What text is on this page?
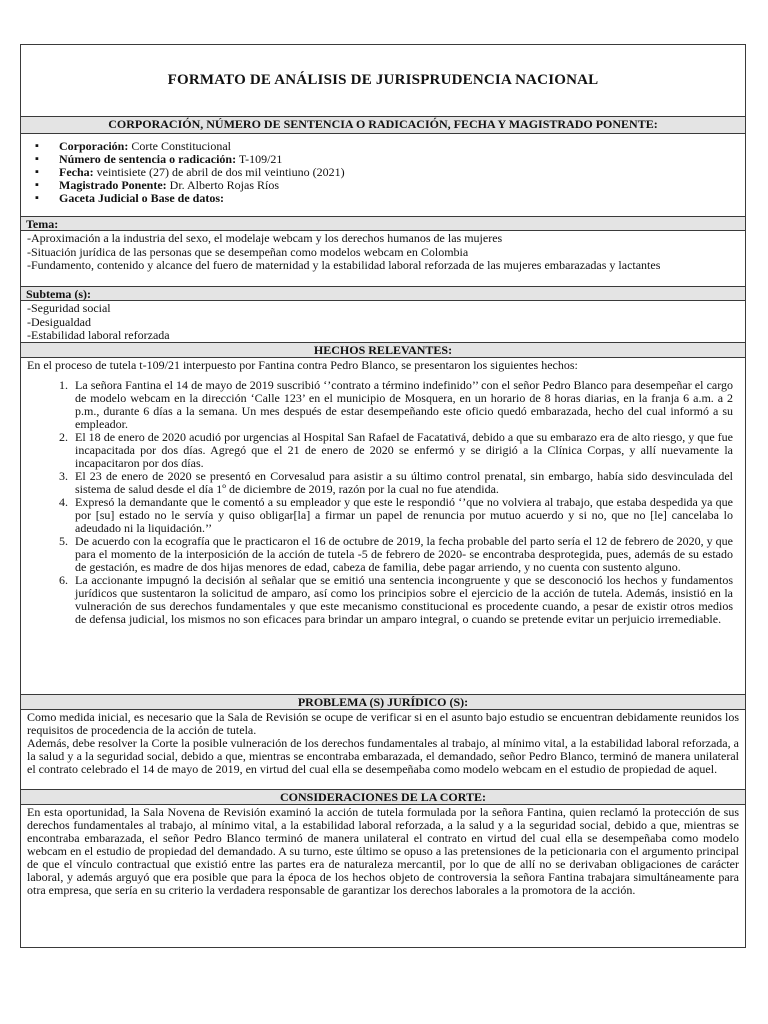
FORMATO DE ANÁLISIS DE JURISPRUDENCIA NACIONAL
CORPORACIÓN, NÚMERO DE SENTENCIA O RADICACIÓN, FECHA Y MAGISTRADO PONENTE:
▪ Corporación: Corte Constitucional
▪ Número de sentencia o radicación: T-109/21
▪ Fecha: veintisiete (27) de abril de dos mil veintiuno (2021)
▪ Magistrado Ponente: Dr. Alberto Rojas Ríos
▪ Gaceta Judicial o Base de datos:
Tema:
-Aproximación a la industria del sexo, el modelaje webcam y los derechos humanos de las mujeres
-Situación jurídica de las personas que se desempeñan como modelos webcam en Colombia
-Fundamento, contenido y alcance del fuero de maternidad y la estabilidad laboral reforzada de las mujeres embarazadas y lactantes
Subtema (s):
-Seguridad social
-Desigualdad
-Estabilidad laboral reforzada
HECHOS RELEVANTES:

En el proceso de tutela t-109/21 interpuesto por Fantina contra Pedro Blanco, se presentaron los siguientes hechos:

1. La señora Fantina el 14 de mayo de 2019 suscribió ‘’contrato a término indefinido’’ con el señor Pedro Blanco para desempeñar el cargo de modelo webcam en la dirección ‘Calle 123’ en el municipio de Mosquera, en un horario de 8 horas diarias, en la franja 6 a.m. a 2 p.m., durante 6 días a la semana. Un mes después de estar desempeñando este oficio quedó embarazada, hecho del cual informó a su empleador.
2. El 18 de enero de 2020 acudió por urgencias al Hospital San Rafael de Facatativá, debido a que su embarazo era de alto riesgo, y que fue incapacitada por dos días. Agregó que el 21 de enero de 2020 se enfermó y se dirigió a la Clínica Corpas, y allí nuevamente la incapacitaron por dos días.
3. El 23 de enero de 2020 se presentó en Corvesalud para asistir a su último control prenatal, sin embargo, había sido desvinculada del sistema de salud desde el día 1º de diciembre de 2019, razón por la cual no fue atendida.
4. Expresó la demandante que le comentó a su empleador y que este le respondió ‘’que no volviera al trabajo, que estaba despedida ya que por [su] estado no le servía y quiso obligar[la] a firmar un papel de renuncia por mutuo acuerdo y si no, que no [le] cancelaba lo adeudado ni la liquidación.’’
5. De acuerdo con la ecografía que le practicaron el 16 de octubre de 2019, la fecha probable del parto sería el 12 de febrero de 2020, y que para el momento de la interposición de la acción de tutela -5 de febrero de 2020- se encontraba desprotegida, pues, además de su estado de gestación, es madre de dos hijas menores de edad, cabeza de familia, debe pagar arriendo, y no cuenta con sustento alguno.
6. La accionante impugnó la decisión al señalar que se emitió una sentencia incongruente y que se desconoció los hechos y fundamentos jurídicos que sustentaron la solicitud de amparo, así como los principios sobre el ejercicio de la acción de tutela. Además, insistió en la vulneración de sus derechos fundamentales y que este mecanismo constitucional es procedente cuando, a pesar de existir otros medios de defensa judicial, los mismos no son eficaces para brindar un amparo integral, o cuando se pretende evitar un perjuicio irremediable.
PROBLEMA (S) JURÍDICO (S):

Como medida inicial, es necesario que la Sala de Revisión se ocupe de verificar si en el asunto bajo estudio se encuentran debidamente reunidos los requisitos de procedencia de la acción de tutela.

Además, debe resolver la Corte la posible vulneración de los derechos fundamentales al trabajo, al mínimo vital, a la estabilidad laboral reforzada, a la salud y a la seguridad social, debido a que, mientras se encontraba embarazada, el demandado, señor Pedro Blanco, terminó de manera unilateral el contrato celebrado el 14 de mayo de 2019, en virtud del cual ella se desempeñaba como modelo webcam en el estudio de propiedad de aquel.

CONSIDERACIONES DE LA CORTE:

En esta oportunidad, la Sala Novena de Revisión examinó la acción de tutela formulada por la señora Fantina, quien reclamó la protección de sus derechos fundamentales al trabajo, al mínimo vital, a la estabilidad laboral reforzada, a la salud y a la seguridad social, debido a que, mientras se encontraba embarazada, el señor Pedro Blanco terminó de manera unilateral el contrato en virtud del cual ella se desempeñaba como modelo webcam en el estudio de propiedad del demandado. A su turno, este último se opuso a las pretensiones de la peticionaria con el argumento principal de que el vínculo contractual que existió entre las partes era de naturaleza mercantil, por lo que de allí no se derivaban obligaciones de carácter laboral, y además arguyó que era posible que para la época de los hechos objeto de controversia la señora Fantina trabajara simultáneamente para otra empresa, que sería en su criterio la verdadera responsable de garantizar los derechos laborales a la promotora de la acción.
